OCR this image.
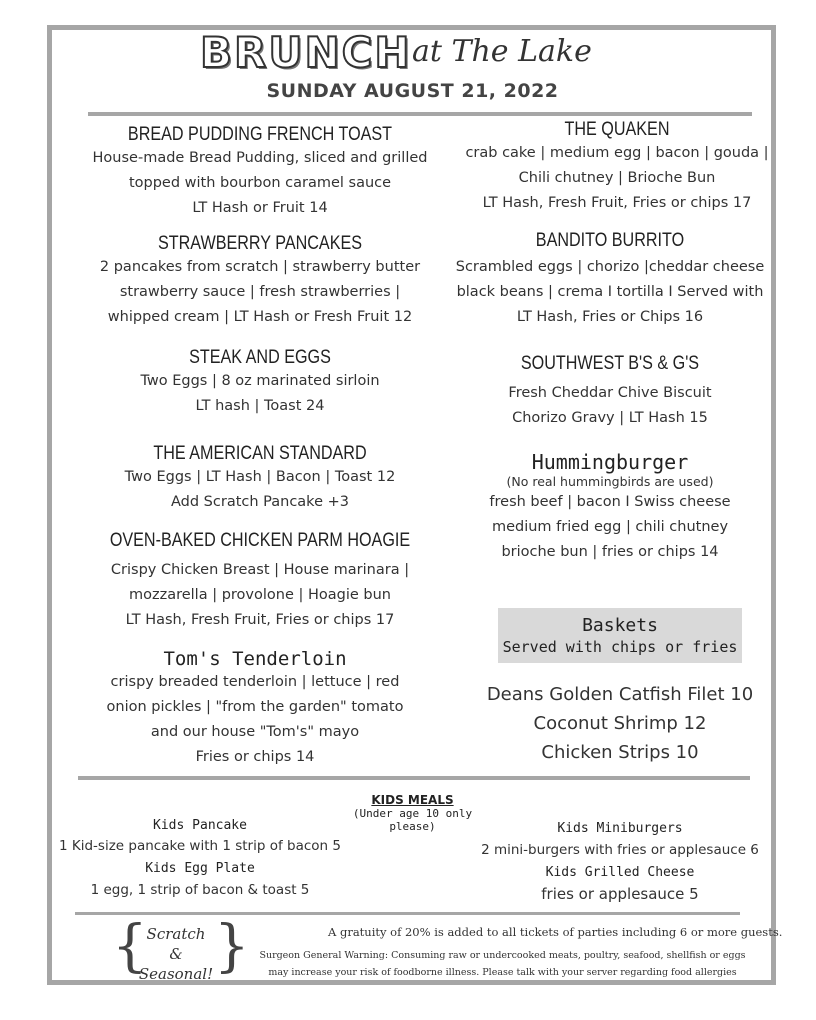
BRUNCH at The Lake
SUNDAY AUGUST 21, 2022
BREAD PUDDING FRENCH TOAST
House-made Bread Pudding, sliced and grilled
topped with bourbon caramel sauce
LT Hash or Fruit 14
STRAWBERRY PANCAKES
2 pancakes from scratch | strawberry butter
strawberry sauce | fresh strawberries |
whipped cream | LT Hash or Fresh Fruit 12
STEAK AND EGGS
Two Eggs | 8 oz marinated sirloin
LT hash | Toast 24
THE AMERICAN STANDARD
Two Eggs | LT Hash | Bacon | Toast 12
Add Scratch Pancake +3
OVEN-BAKED CHICKEN PARM HOAGIE
Crispy Chicken Breast | House marinara |
mozzarella | provolone | Hoagie bun
LT Hash, Fresh Fruit, Fries or chips 17
Tom's Tenderloin
crispy breaded tenderloin | lettuce | red
onion pickles | "from the garden" tomato
and our house "Tom's" mayo
Fries or chips 14
THE QUAKEN
crab cake | medium egg | bacon | gouda |
Chili chutney | Brioche Bun
LT Hash, Fresh Fruit, Fries or chips 17
BANDITO BURRITO
Scrambled eggs | chorizo |cheddar cheese
black beans | crema I tortilla I Served with
LT Hash, Fries or Chips 16
SOUTHWEST B'S & G'S
Fresh Cheddar Chive Biscuit
Chorizo Gravy | LT Hash 15
Hummingburger
(No real hummingbirds are used)
fresh beef | bacon I Swiss cheese
medium fried egg | chili chutney
brioche bun | fries or chips 14
Baskets
Served with chips or fries
Deans Golden Catfish Filet 10
Coconut Shrimp 12
Chicken Strips 10
KIDS MEALS
(Under age 10 only please)
Kids Pancake
1 Kid-size pancake with 1 strip of bacon 5
Kids Egg Plate
1 egg, 1 strip of bacon & toast 5
Kids Miniburgers
2 mini-burgers with fries or applesauce 6
Kids Grilled Cheese
fries or applesauce 5
{
Scratch
&
Seasonal! }	A gratuity of 20% is added to all tickets of parties including 6 or more guests.
Surgeon General Warning: Consuming raw or undercooked meats, poultry, seafood, shellfish or eggs
may increase your risk of foodborne illness. Please talk with your server regarding food allergies
